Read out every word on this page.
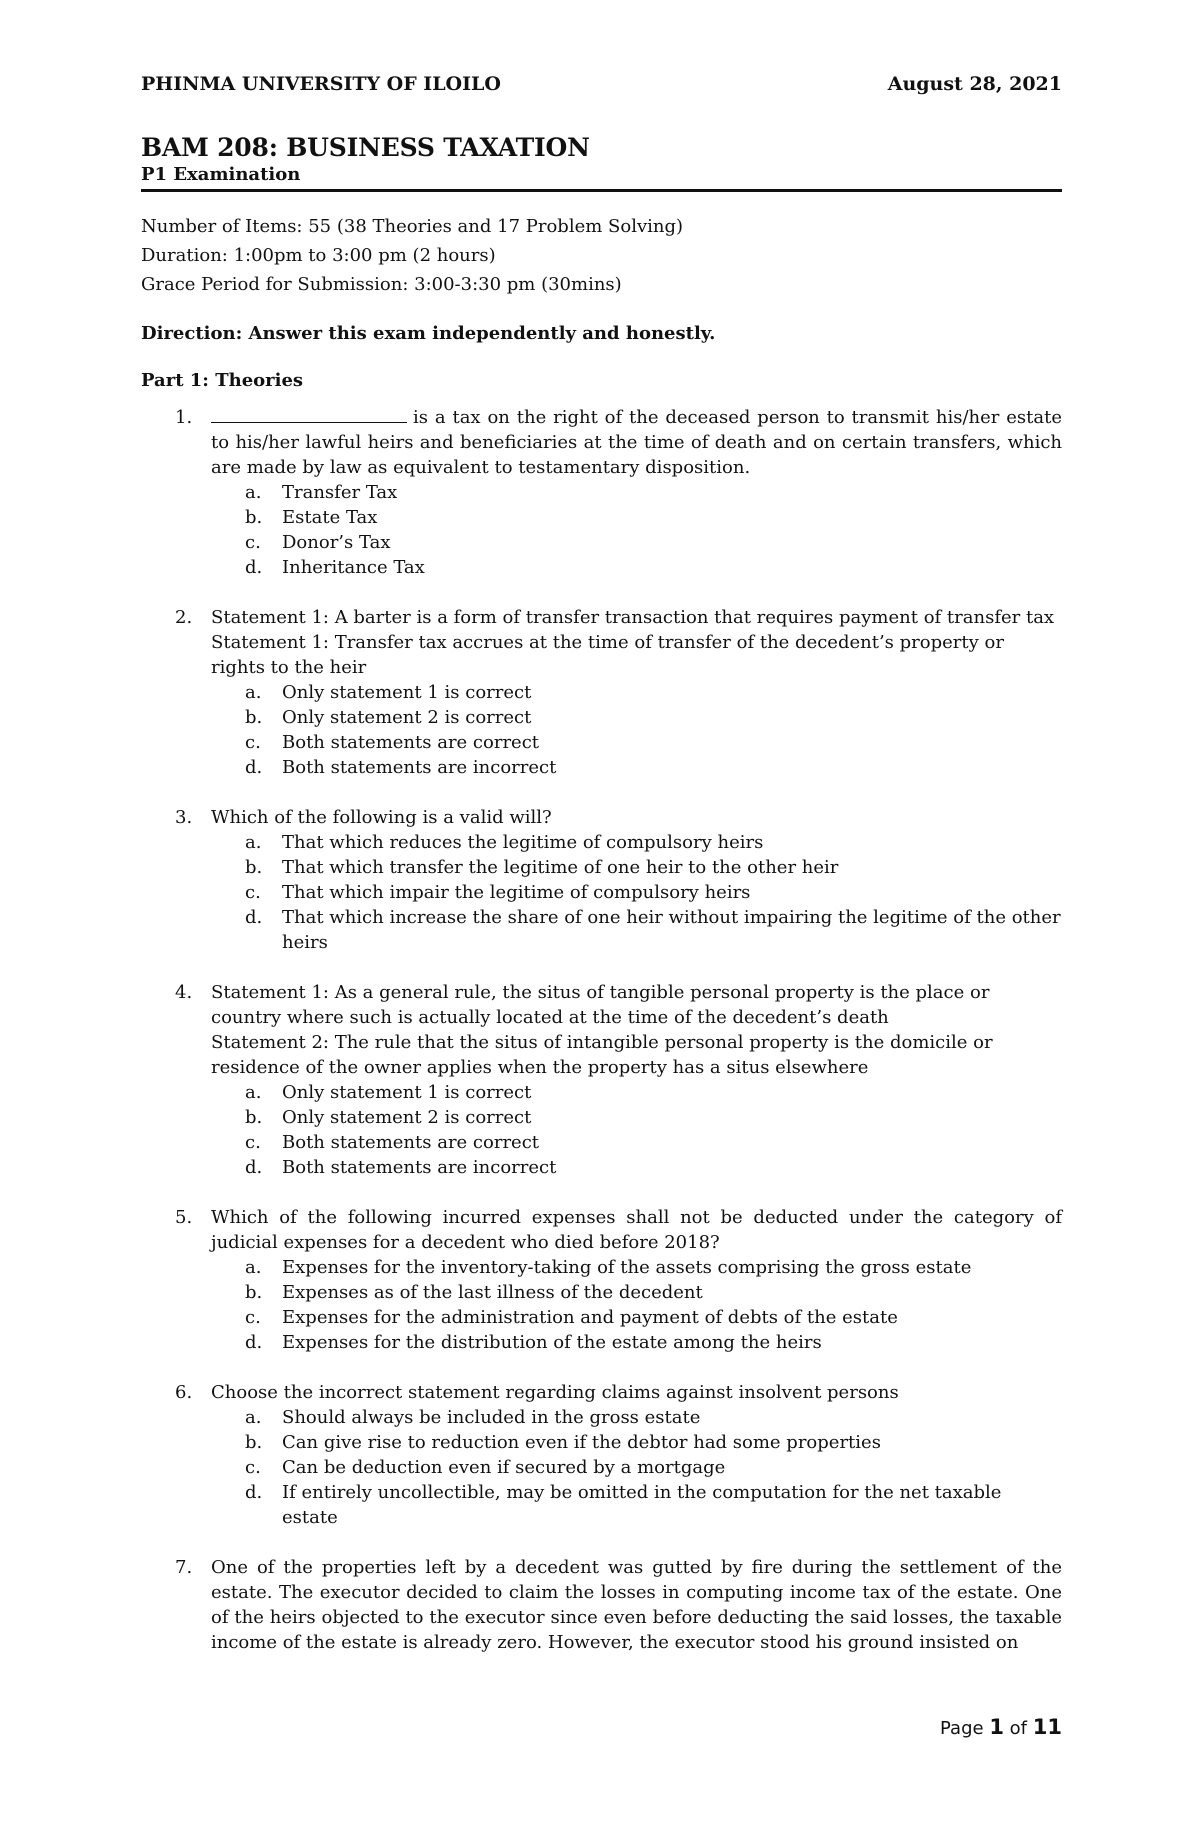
PHINMA UNIVERSITY OF ILOILO	August 28, 2021
BAM 208: BUSINESS TAXATION
P1 Examination

Number of Items: 55 (38 Theories and 17 Problem Solving)

Duration: 1:00pm to 3:00 pm (2 hours)

Grace Period for Submission: 3:00-3:30 pm (30mins)

Direction: Answer this exam independently and honestly.
Part 1: Theories
1.	is a tax on the right of the deceased person to transmit his/her estate to his/her lawful heirs and beneficiaries at the time of death and on certain transfers, which are made by law as equivalent to testamentary disposition.
a. Transfer Tax
b. Estate Tax
c. Donor’s Tax
d. Inheritance Tax
2. Statement 1: A barter is a form of transfer transaction that requires payment of transfer tax
Statement 1: Transfer tax accrues at the time of transfer of the decedent’s property or rights to the heir
a. Only statement 1 is correct
b. Only statement 2 is correct
c. Both statements are correct
d. Both statements are incorrect
3. Which of the following is a valid will?
a. That which reduces the legitime of compulsory heirs
b. That which transfer the legitime of one heir to the other heir
c. That which impair the legitime of compulsory heirs
d. That which increase the share of one heir without impairing the legitime of the other heirs
4. Statement 1: As a general rule, the situs of tangible personal property is the place or country where such is actually located at the time of the decedent’s death
Statement 2: The rule that the situs of intangible personal property is the domicile or residence of the owner applies when the property has a situs elsewhere
a. Only statement 1 is correct
b. Only statement 2 is correct
c. Both statements are correct
d. Both statements are incorrect
5. Which of the following incurred expenses shall not be deducted under the category of judicial expenses for a decedent who died before 2018?
a. Expenses for the inventory-taking of the assets comprising the gross estate
b. Expenses as of the last illness of the decedent
c. Expenses for the administration and payment of debts of the estate
d. Expenses for the distribution of the estate among the heirs
6. Choose the incorrect statement regarding claims against insolvent persons
a. Should always be included in the gross estate
b. Can give rise to reduction even if the debtor had some properties
c. Can be deduction even if secured by a mortgage
d. If entirely uncollectible, may be omitted in the computation for the net taxable estate
7. One of the properties left by a decedent was gutted by fire during the settlement of the estate. The executor decided to claim the losses in computing income tax of the estate. One of the heirs objected to the executor since even before deducting the said losses, the taxable income of the estate is already zero. However, the executor stood his ground insisted on
Page 1 of 11
